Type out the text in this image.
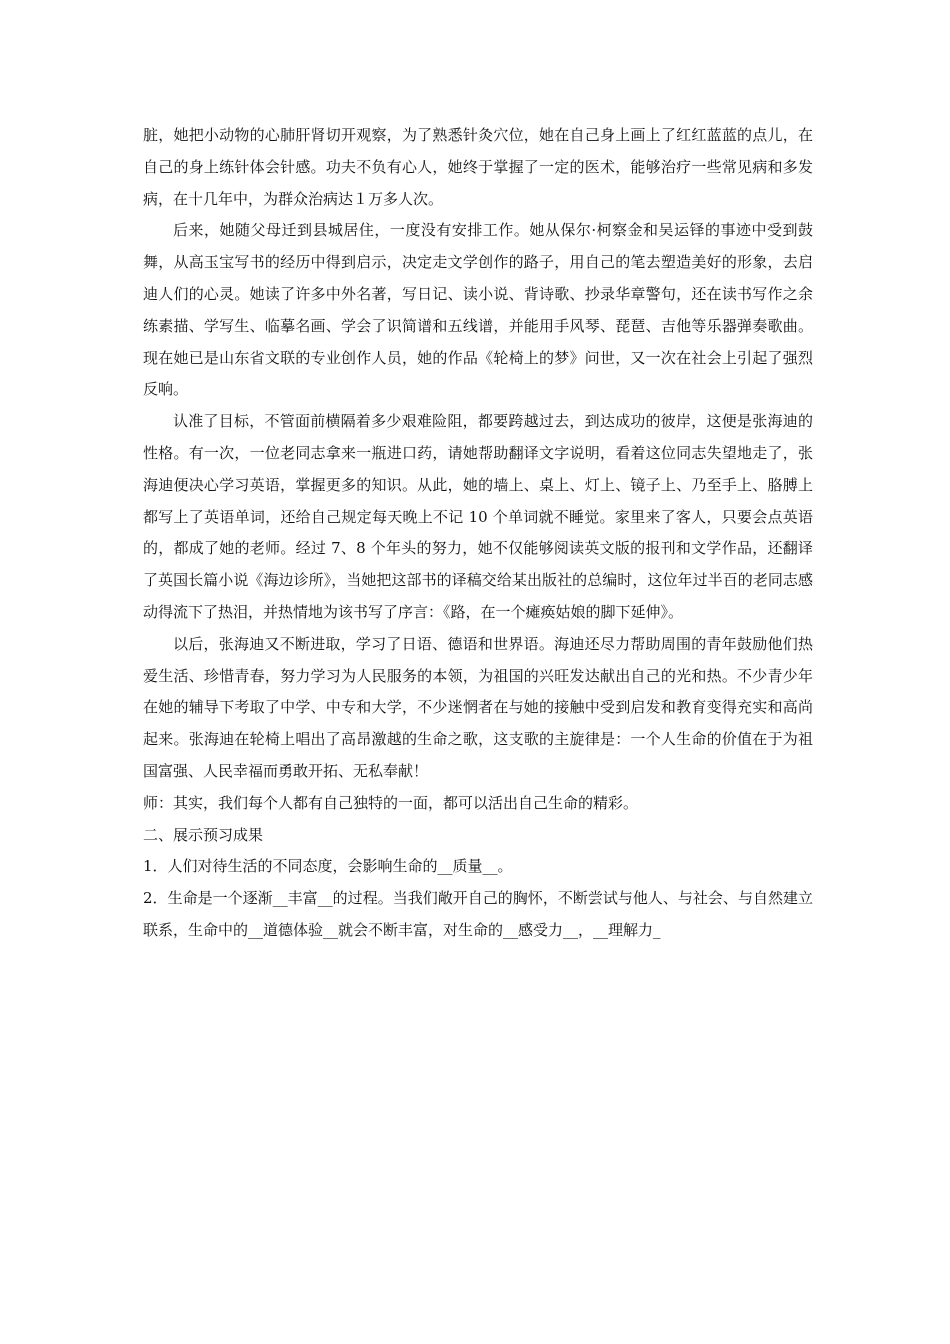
脏，她把小动物的心肺肝肾切开观察，为了熟悉针灸穴位，她在自己身上画上了红红蓝蓝的点儿，在自己的身上练针体会针感。功夫不负有心人，她终于掌握了一定的医术，能够治疗一些常见病和多发病，在十几年中，为群众治病达１万多人次。

后来，她随父母迁到县城居住，一度没有安排工作。她从保尔·柯察金和吴运铎的事迹中受到鼓舞，从高玉宝写书的经历中得到启示，决定走文学创作的路子，用自己的笔去塑造美好的形象，去启迪人们的心灵。她读了许多中外名著，写日记、读小说、背诗歌、抄录华章警句，还在读书写作之余练素描、学写生、临摹名画、学会了识简谱和五线谱，并能用手风琴、琵琶、吉他等乐器弹奏歌曲。现在她已是山东省文联的专业创作人员，她的作品《轮椅上的梦》问世，又一次在社会上引起了强烈反响。

认准了目标，不管面前横隔着多少艰难险阻，都要跨越过去，到达成功的彼岸，这便是张海迪的性格。有一次，一位老同志拿来一瓶进口药，请她帮助翻译文字说明，看着这位同志失望地走了，张海迪便决心学习英语，掌握更多的知识。从此，她的墙上、桌上、灯上、镜子上、乃至手上、胳膊上都写上了英语单词，还给自己规定每天晚上不记 10 个单词就不睡觉。家里来了客人，只要会点英语的，都成了她的老师。经过 7、8 个年头的努力，她不仅能够阅读英文版的报刊和文学作品，还翻译了英国长篇小说《海边诊所》，当她把这部书的译稿交给某出版社的总编时，这位年过半百的老同志感动得流下了热泪，并热情地为该书写了序言：《路，在一个瘫痪姑娘的脚下延伸》。

以后，张海迪又不断进取，学习了日语、德语和世界语。海迪还尽力帮助周围的青年鼓励他们热爱生活、珍惜青春，努力学习为人民服务的本领，为祖国的兴旺发达献出自己的光和热。不少青少年在她的辅导下考取了中学、中专和大学，不少迷惘者在与她的接触中受到启发和教育变得充实和高尚起来。张海迪在轮椅上唱出了高昂激越的生命之歌，这支歌的主旋律是：一个人生命的价值在于为祖国富强、人民幸福而勇敢开拓、无私奉献！

师：其实，我们每个人都有自己独特的一面，都可以活出自己生命的精彩。

二、展示预习成果

1．人们对待生活的不同态度，会影响生命的__质量__。

2．生命是一个逐渐__丰富__的过程。当我们敞开自己的胸怀，不断尝试与他人、与社会、与自然建立联系，生命中的__道德体验__就会不断丰富，对生命的__感受力__，__理解力_
